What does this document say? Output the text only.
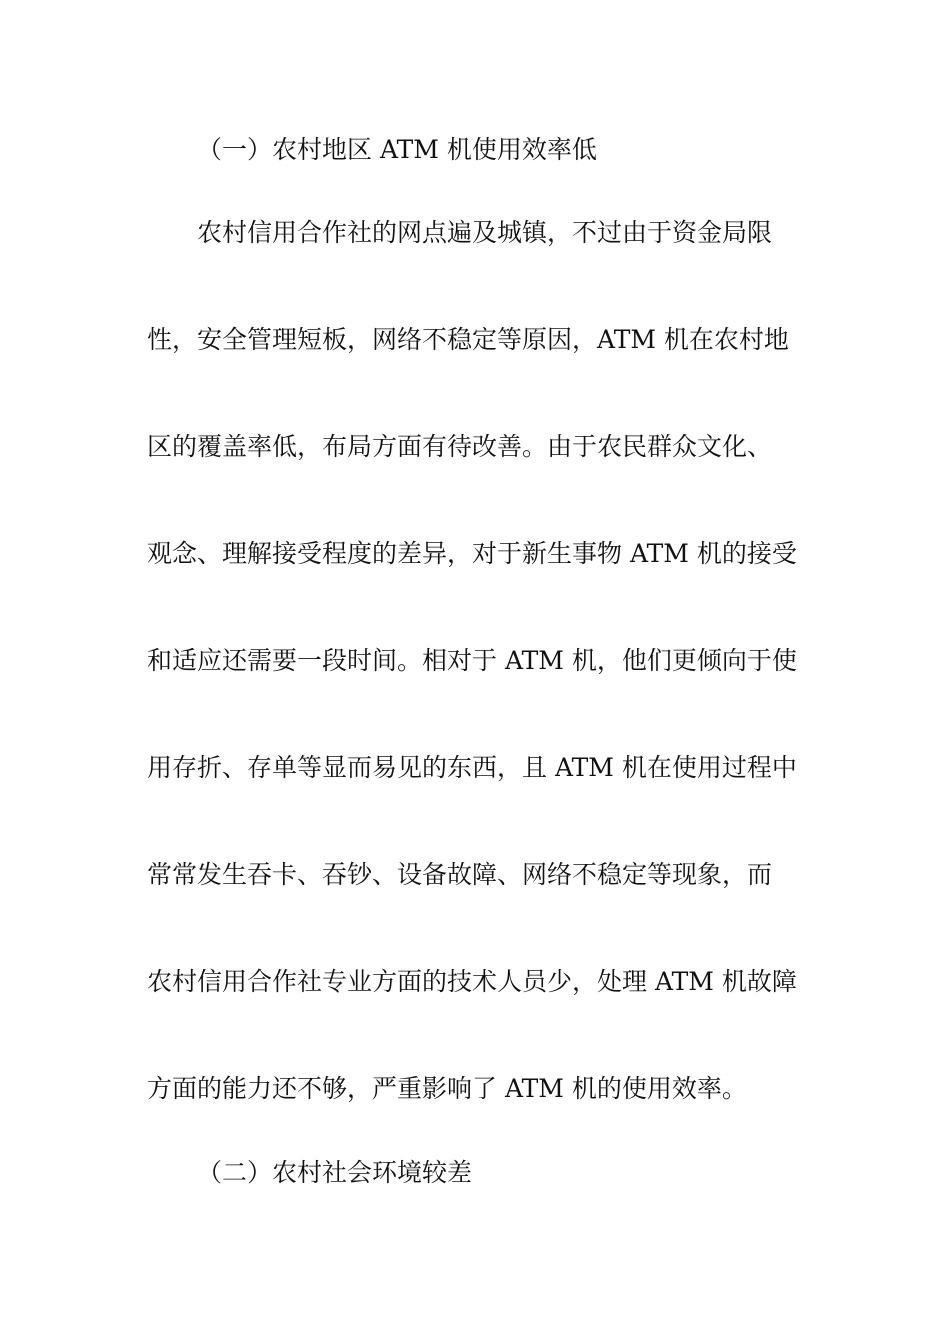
（一）农村地区 ATM 机使用效率低
农村信用合作社的网点遍及城镇，不过由于资金局限
性，安全管理短板，网络不稳定等原因，ATM 机在农村地
区的覆盖率低，布局方面有待改善。由于农民群众文化、
观念、理解接受程度的差异，对于新生事物 ATM 机的接受
和适应还需要一段时间。相对于 ATM 机，他们更倾向于使
用存折、存单等显而易见的东西，且 ATM 机在使用过程中
常常发生吞卡、吞钞、设备故障、网络不稳定等现象，而
农村信用合作社专业方面的技术人员少，处理 ATM 机故障
方面的能力还不够，严重影响了 ATM 机的使用效率。
（二）农村社会环境较差
